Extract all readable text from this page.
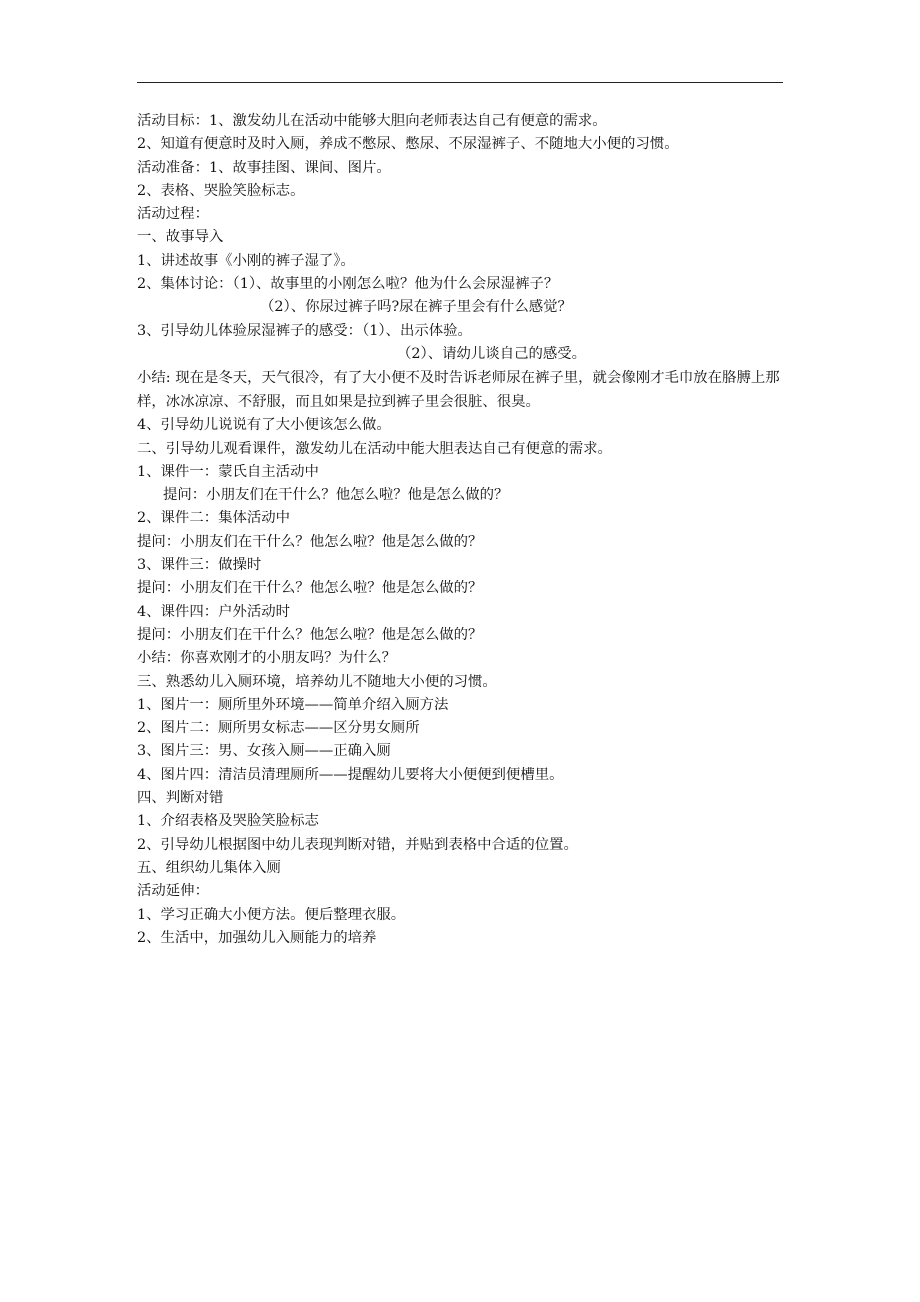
活动目标：1、激发幼儿在活动中能够大胆向老师表达自己有便意的需求。
2、知道有便意时及时入厕，养成不憋尿、憋尿、不尿湿裤子、不随地大小便的习惯。
活动准备：1、故事挂图、课间、图片。
2、表格、哭脸笑脸标志。
活动过程：
一、故事导入
1、讲述故事《小刚的裤子湿了》。
2、集体讨论：（1）、故事里的小刚怎么啦？他为什么会尿湿裤子？
（2）、你尿过裤子吗?尿在裤子里会有什么感觉？
3、引导幼儿体验尿湿裤子的感受：（1）、出示体验。
（2）、请幼儿谈自己的感受。
小结: 现在是冬天，天气很冷，有了大小便不及时告诉老师尿在裤子里，就会像刚才毛巾放在胳膊上那样，冰冰凉凉、不舒服，而且如果是拉到裤子里会很脏、很臭。
4、引导幼儿说说有了大小便该怎么做。
二、引导幼儿观看课件，激发幼儿在活动中能大胆表达自己有便意的需求。
1、课件一：蒙氏自主活动中
提问：小朋友们在干什么？他怎么啦？他是怎么做的？
2、课件二：集体活动中
提问：小朋友们在干什么？他怎么啦？他是怎么做的？
3、课件三：做操时
提问：小朋友们在干什么？他怎么啦？他是怎么做的？
4、课件四：户外活动时
提问：小朋友们在干什么？他怎么啦？他是怎么做的？
小结：你喜欢刚才的小朋友吗？为什么？
三、熟悉幼儿入厕环境，培养幼儿不随地大小便的习惯。
1、图片一：厕所里外环境——简单介绍入厕方法
2、图片二：厕所男女标志——区分男女厕所
3、图片三：男、女孩入厕——正确入厕
4、图片四：清洁员清理厕所——提醒幼儿要将大小便便到便槽里。
四、判断对错
1、介绍表格及哭脸笑脸标志
2、引导幼儿根据图中幼儿表现判断对错，并贴到表格中合适的位置。
五、组织幼儿集体入厕
活动延伸：
1、学习正确大小便方法。便后整理衣服。
2、生活中，加强幼儿入厕能力的培养
